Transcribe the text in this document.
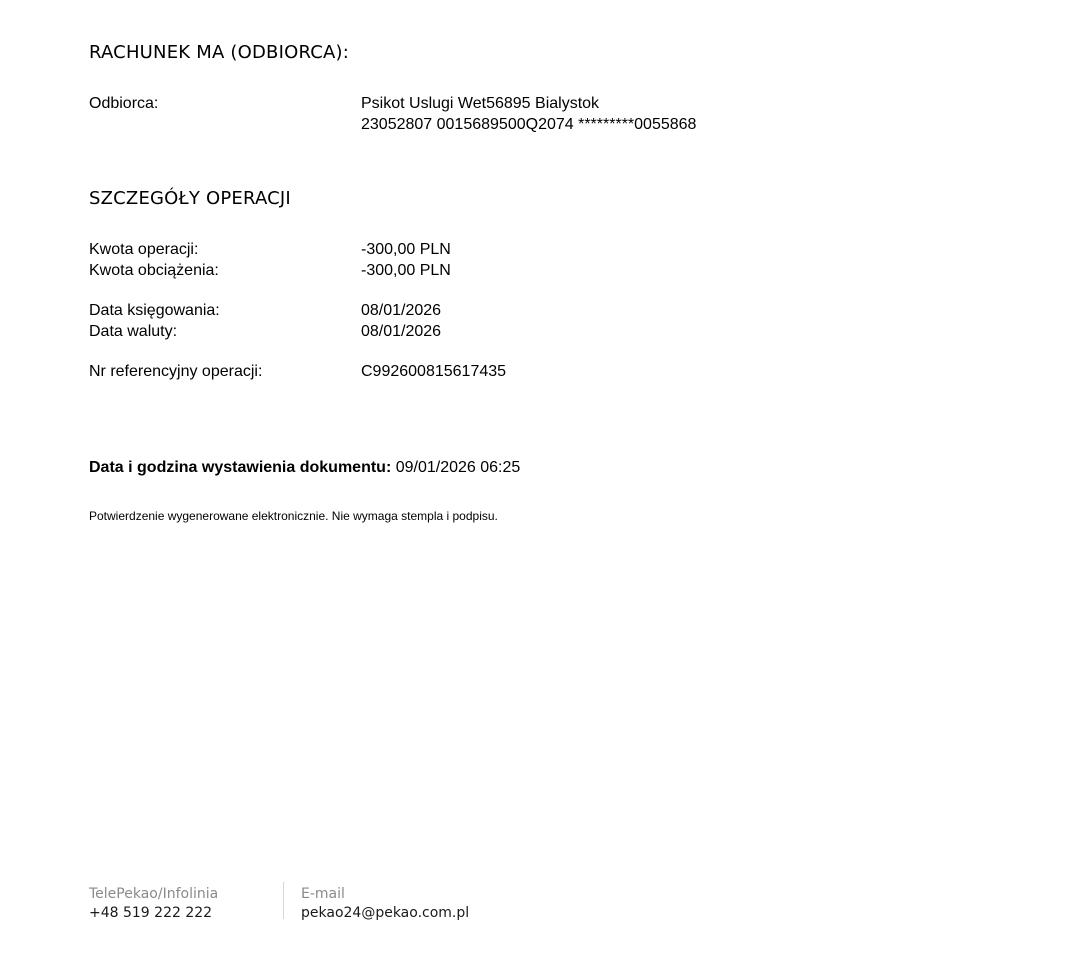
RACHUNEK MA (ODBIORCA):
Odbiorca:	Psikot Uslugi Wet56895 Bialystok
23052807 0015689500Q2074 *********0055868
SZCZEGÓŁY OPERACJI
Kwota operacji:	-300,00 PLN
Kwota obciążenia:	-300,00 PLN
Data księgowania:	08/01/2026
Data waluty:	08/01/2026
Nr referencyjny operacji:	C992600815617435
Data i godzina wystawienia dokumentu: 09/01/2026 06:25
Potwierdzenie wygenerowane elektronicznie. Nie wymaga stempla i podpisu.
TelePekao/Infolinia
+48 519 222 222
E-mail
pekao24@pekao.com.pl
